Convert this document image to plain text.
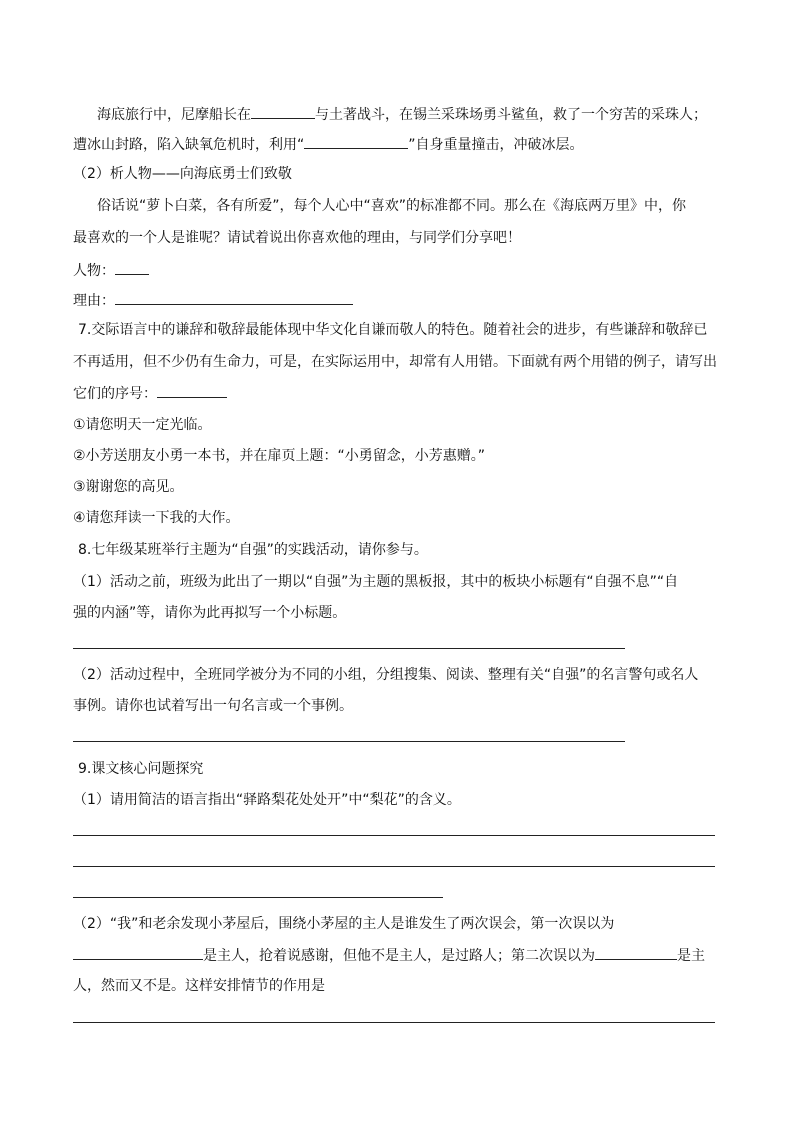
海底旅行中，尼摩船长在	与土著战斗，在锡兰采珠场勇斗鲨鱼，救了一个穷苦的采珠人；
遭冰山封路，陷入缺氧危机时，利用“	”自身重量撞击，冲破冰层。
（2）析人物——向海底勇士们致敬
俗话说“萝卜白菜，各有所爱”，每个人心中“喜欢”的标准都不同。那么在《海底两万里》中，你
最喜欢的一个人是谁呢？请试着说出你喜欢他的理由，与同学们分享吧！
人物：
理由：
7.交际语言中的谦辞和敬辞最能体现中华文化自谦而敬人的特色。随着社会的进步，有些谦辞和敬辞已
不再适用，但不少仍有生命力，可是，在实际运用中，却常有人用错。下面就有两个用错的例子，请写出
它们的序号：
①请您明天一定光临。
②小芳送朋友小勇一本书，并在扉页上题：“小勇留念，小芳惠赠。”
③谢谢您的高见。
④请您拜读一下我的大作。
8.七年级某班举行主题为“自强”的实践活动，请你参与。
（1）活动之前，班级为此出了一期以“自强”为主题的黑板报，其中的板块小标题有“自强不息”“自
强的内涵”等，请你为此再拟写一个小标题。
（2）活动过程中，全班同学被分为不同的小组，分组搜集、阅读、整理有关“自强”的名言警句或名人
事例。请你也试着写出一句名言或一个事例。
9.课文核心问题探究
（1）请用简洁的语言指出“驿路梨花处处开”中“梨花”的含义。
（2）“我”和老余发现小茅屋后，围绕小茅屋的主人是谁发生了两次误会，第一次误以为
是主人，抢着说感谢，但他不是主人，是过路人；第二次误以为	是主
人，然而又不是。这样安排情节的作用是
